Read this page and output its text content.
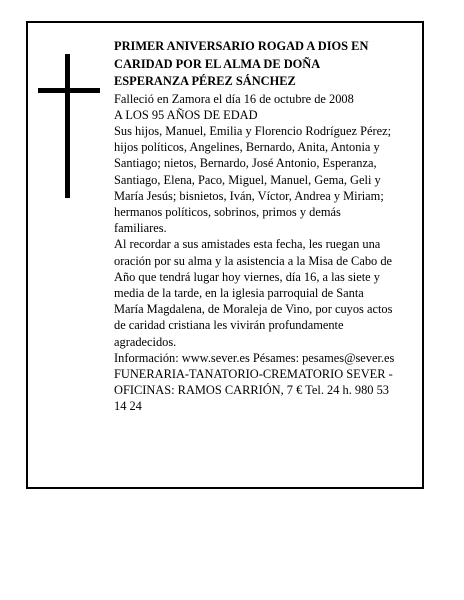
PRIMER ANIVERSARIO ROGAD A DIOS EN CARIDAD POR EL ALMA DE DOÑA ESPERANZA PÉREZ SÁNCHEZ

Falleció en Zamora el día 16 de octubre de 2008

A LOS 95 AÑOS DE EDAD

Sus hijos, Manuel, Emilia y Florencio Rodríguez Pérez; hijos políticos, Angelines, Bernardo, Anita, Antonia y Santiago; nietos, Bernardo, José Antonio, Esperanza, Santiago, Elena, Paco, Miguel, Manuel, Gema, Geli y María Jesús; bisnietos, Iván, Víctor, Andrea y Miriam; hermanos políticos, sobrinos, primos y demás familiares.

Al recordar a sus amistades esta fecha, les ruegan una oración por su alma y la asistencia a la Misa de Cabo de Año que tendrá lugar hoy viernes, día 16, a las siete y media de la tarde, en la iglesia parroquial de Santa María Magdalena, de Moraleja de Vino, por cuyos actos de caridad cristiana les vivirán profundamente agradecidos.

Información: www.sever.es Pésames: pesames@sever.es

FUNERARIA-TANATORIO-CREMATORIO SEVER - OFICINAS: RAMOS CARRIÓN, 7 € Tel. 24 h. 980 53 14 24
